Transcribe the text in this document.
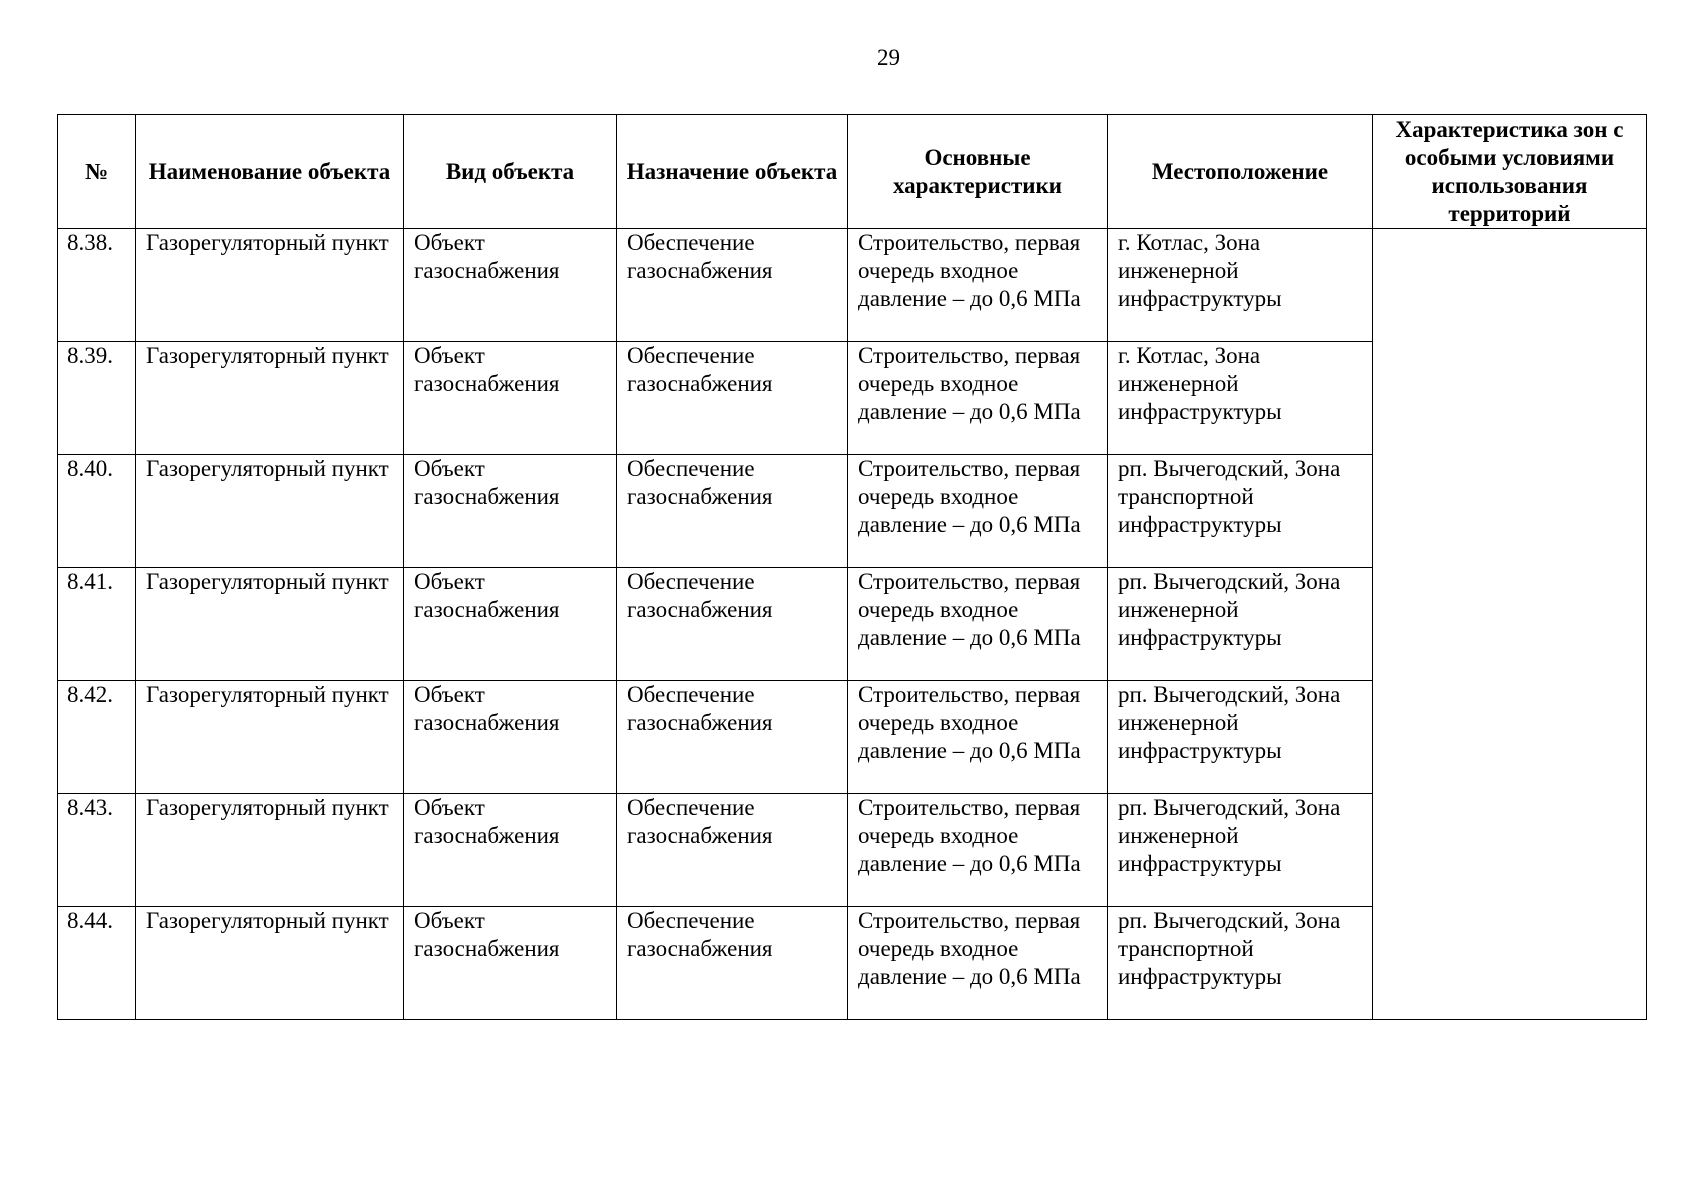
29
№	Наименование объекта	Вид объекта	Назначение объекта	Основные характеристики	Местоположение	Характеристика зон с особыми условиями использования территорий
8.38.	Газорегуляторный пункт	Объект газоснабжения	Обеспечение газоснабжения	Строительство, первая очередь входное давление – до 0,6 МПа	г. Котлас, Зона инженерной инфраструктуры	
8.39.	Газорегуляторный пункт	Объект газоснабжения	Обеспечение газоснабжения	Строительство, первая очередь входное давление – до 0,6 МПа	г. Котлас, Зона инженерной инфраструктуры	
8.40.	Газорегуляторный пункт	Объект газоснабжения	Обеспечение газоснабжения	Строительство, первая очередь входное давление – до 0,6 МПа	рп. Вычегодский, Зона транспортной инфраструктуры	
8.41.	Газорегуляторный пункт	Объект газоснабжения	Обеспечение газоснабжения	Строительство, первая очередь входное давление – до 0,6 МПа	рп. Вычегодский, Зона инженерной инфраструктуры	
8.42.	Газорегуляторный пункт	Объект газоснабжения	Обеспечение газоснабжения	Строительство, первая очередь входное давление – до 0,6 МПа	рп. Вычегодский, Зона инженерной инфраструктуры	
8.43.	Газорегуляторный пункт	Объект газоснабжения	Обеспечение газоснабжения	Строительство, первая очередь входное давление – до 0,6 МПа	рп. Вычегодский, Зона инженерной инфраструктуры	
8.44.	Газорегуляторный пункт	Объект газоснабжения	Обеспечение газоснабжения	Строительство, первая очередь входное давление – до 0,6 МПа	рп. Вычегодский, Зона транспортной инфраструктуры	
